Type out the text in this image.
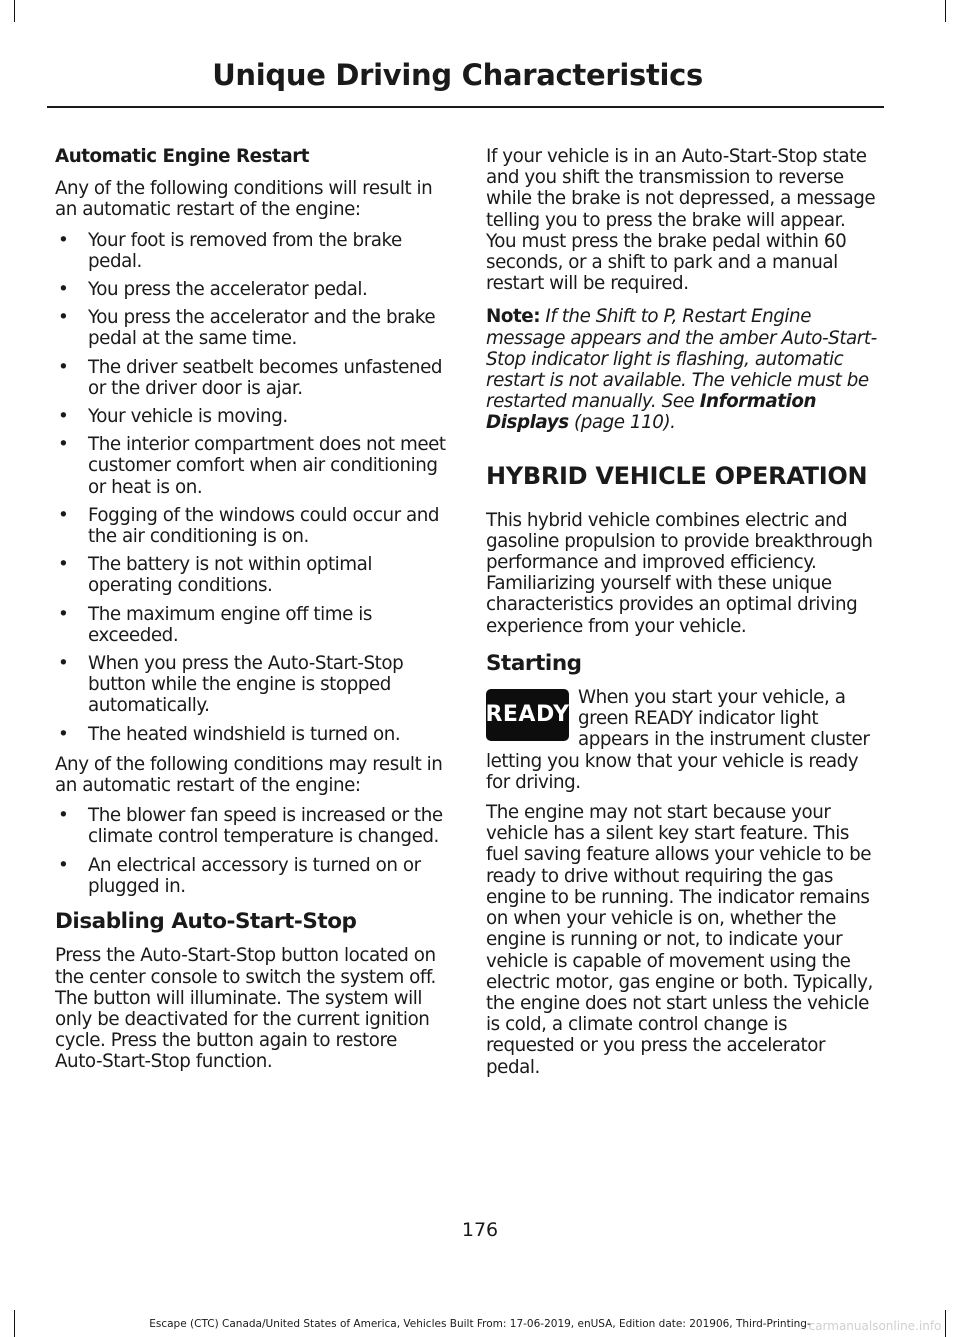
Unique Driving Characteristics
Automatic Engine Restart

Any of the following conditions will result in an automatic restart of the engine:

• Your foot is removed from the brake pedal.
• You press the accelerator pedal.
• You press the accelerator and the brake pedal at the same time.
• The driver seatbelt becomes unfastened or the driver door is ajar.
• Your vehicle is moving.
• The interior compartment does not meet customer comfort when air conditioning or heat is on.
• Fogging of the windows could occur and the air conditioning is on.
• The battery is not within optimal operating conditions.
• The maximum engine off time is exceeded.
• When you press the Auto-Start-Stop button while the engine is stopped automatically.
• The heated windshield is turned on.

Any of the following conditions may result in an automatic restart of the engine:

• The blower fan speed is increased or the climate control temperature is changed.
• An electrical accessory is turned on or plugged in.
Disabling Auto-Start-Stop

Press the Auto-Start-Stop button located on the center console to switch the system off. The button will illuminate. The system will only be deactivated for the current ignition cycle. Press the button again to restore Auto-Start-Stop function.

If your vehicle is in an Auto-Start-Stop state and you shift the transmission to reverse while the brake is not depressed, a message telling you to press the brake will appear. You must press the brake pedal within 60 seconds, or a shift to park and a manual restart will be required.

Note: If the Shift to P, Restart Engine message appears and the amber Auto-Start-Stop indicator light is flashing, automatic restart is not available. The vehicle must be restarted manually. See Information Displays (page 110).

HYBRID VEHICLE OPERATION

This hybrid vehicle combines electric and gasoline propulsion to provide breakthrough performance and improved efficiency. Familiarizing yourself with these unique characteristics provides an optimal driving experience from your vehicle.

Starting

READY
When you start your vehicle, a green READY indicator light appears in the instrument cluster letting you know that your vehicle is ready for driving.

The engine may not start because your vehicle has a silent key start feature. This fuel saving feature allows your vehicle to be ready to drive without requiring the gas engine to be running. The indicator remains on when your vehicle is on, whether the engine is running or not, to indicate your vehicle is capable of movement using the electric motor, gas engine or both. Typically, the engine does not start unless the vehicle is cold, a climate control change is requested or you press the accelerator pedal.

176
Escape (CTC) Canada/United States of America, Vehicles Built From: 17-06-2019, enUSA, Edition date: 201906, Third-Printing-
carmanualsonline.info
